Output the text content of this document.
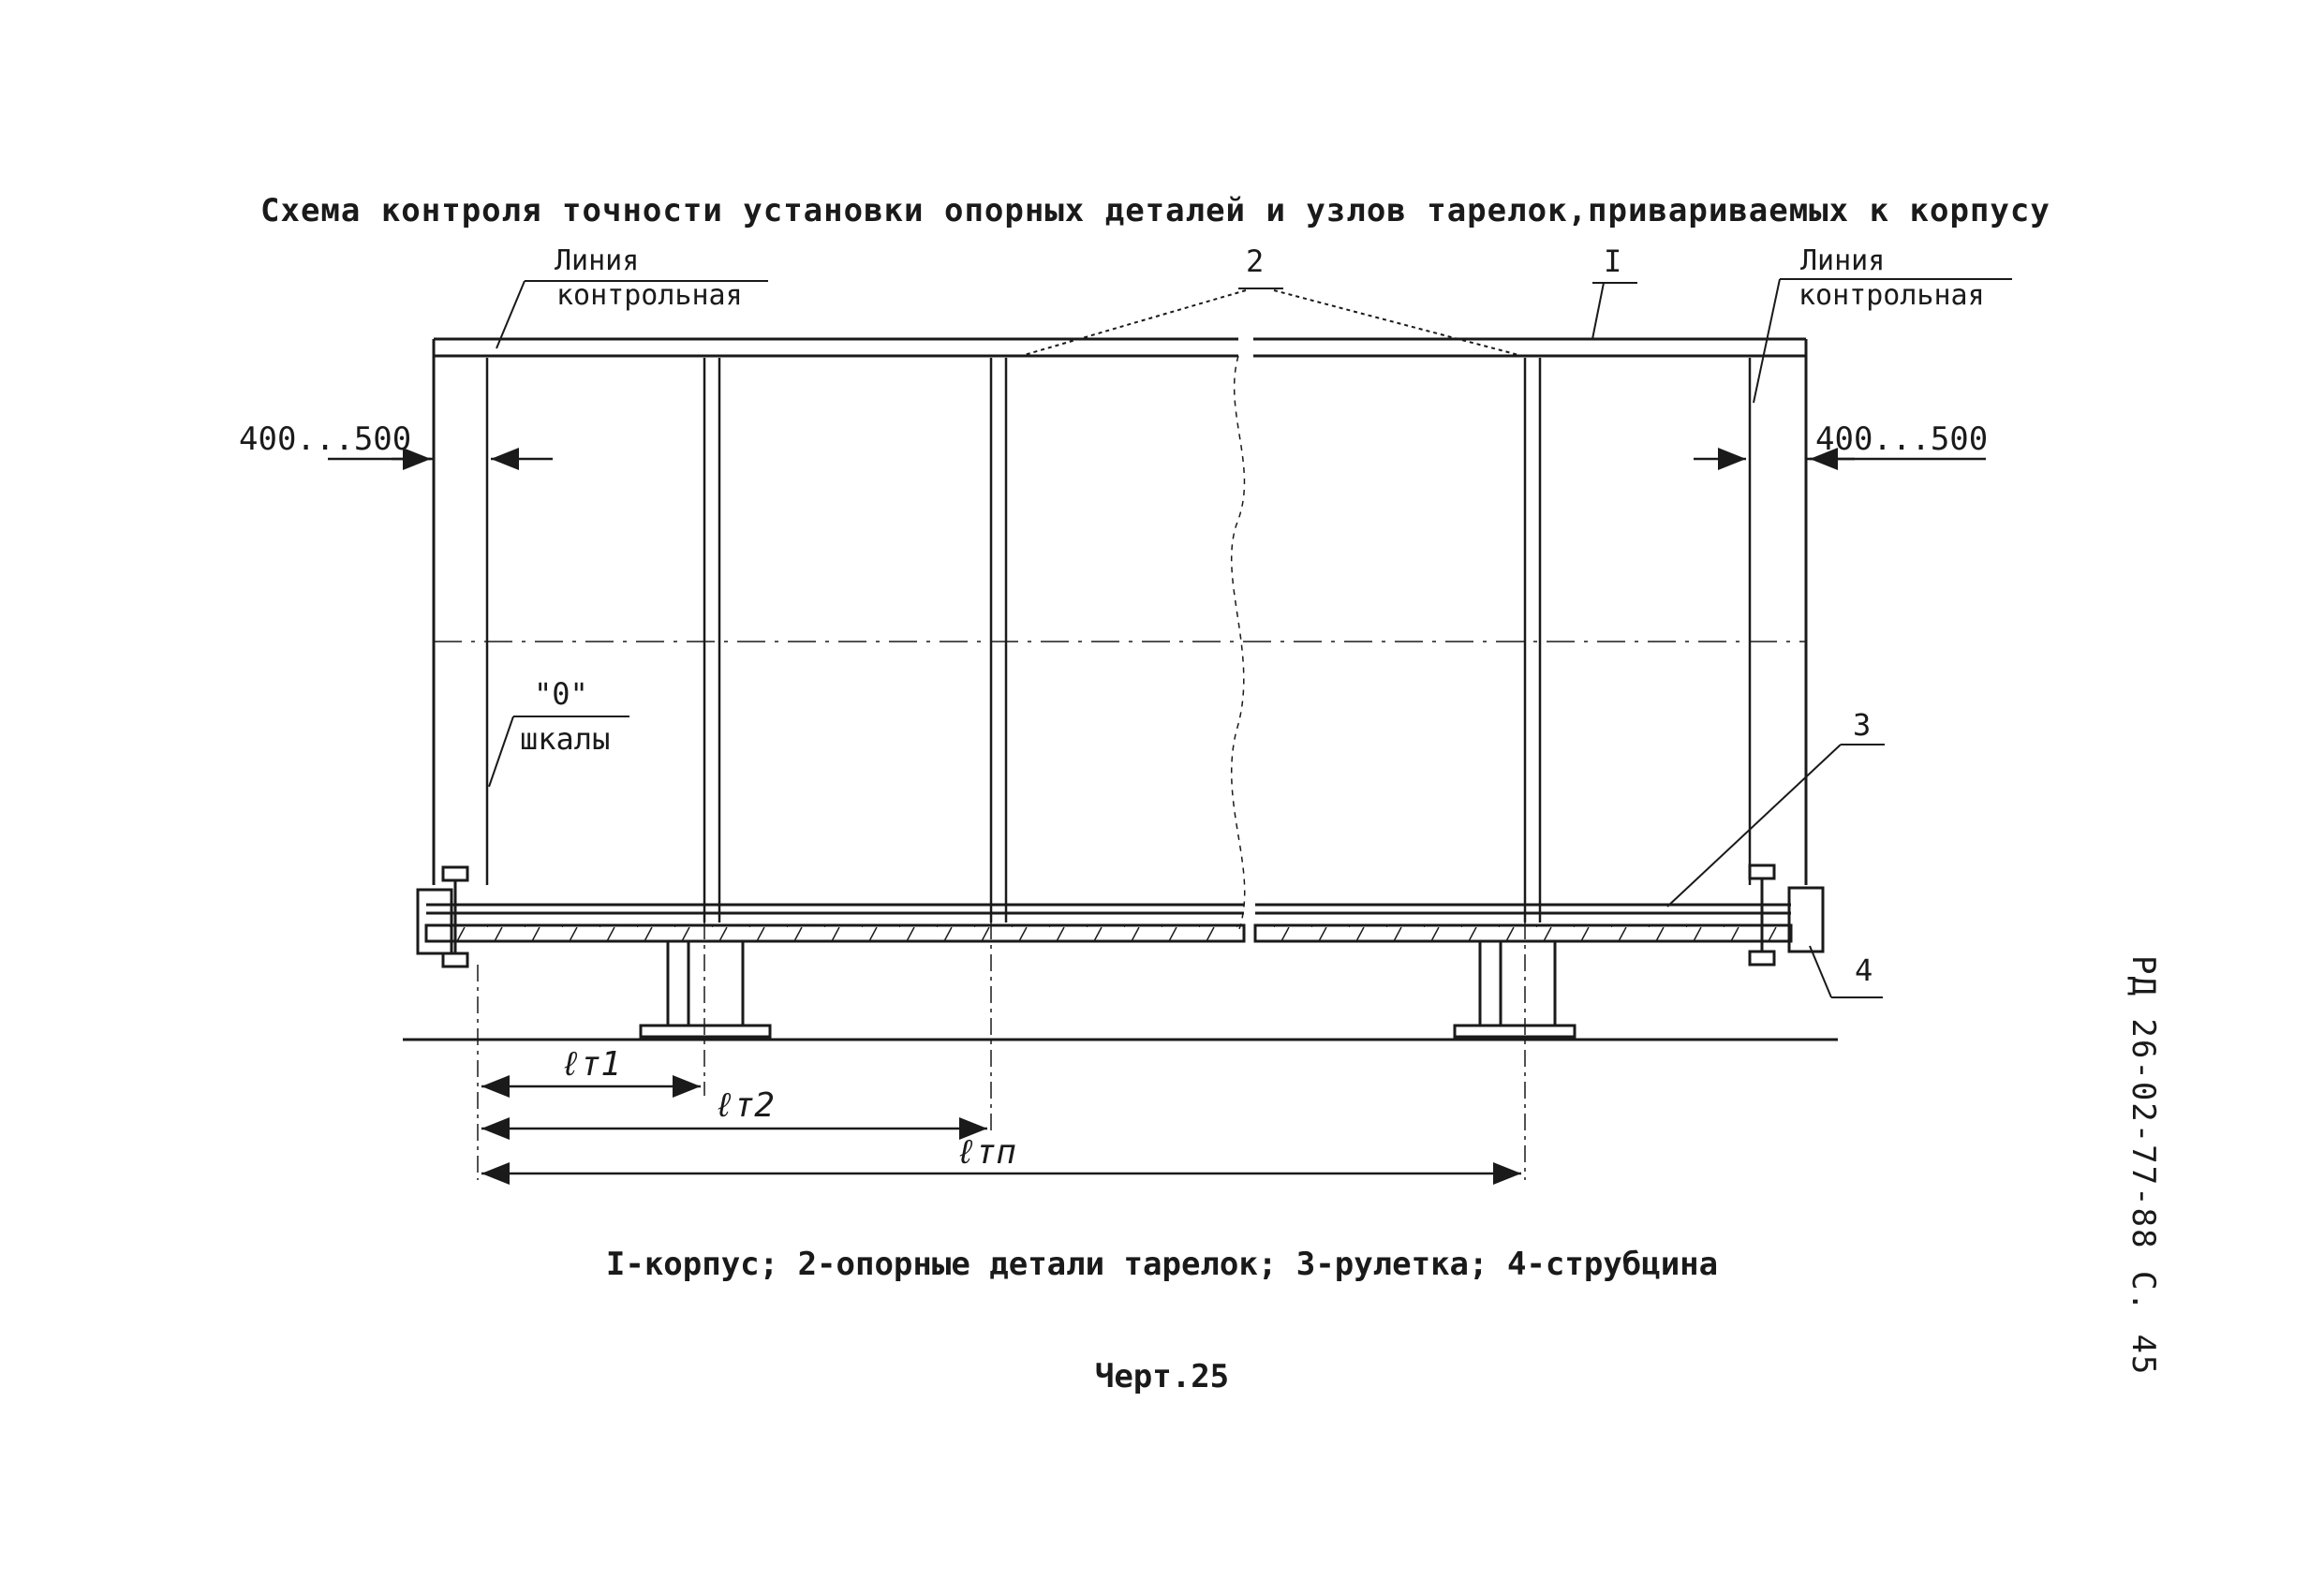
Схема контроля точности установки опорных деталей и узлов тарелок,привариваемых к корпусу
400...500	400...500
Линия
контрольная
Линия
контрольная
2	I
"0"
шкалы	3
4
ℓт1
ℓт2
ℓтп
I-корпус; 2-опорные детали тарелок; 3-рулетка; 4-струбцина
Черт.25
РД 26-02-77-88 С. 45
